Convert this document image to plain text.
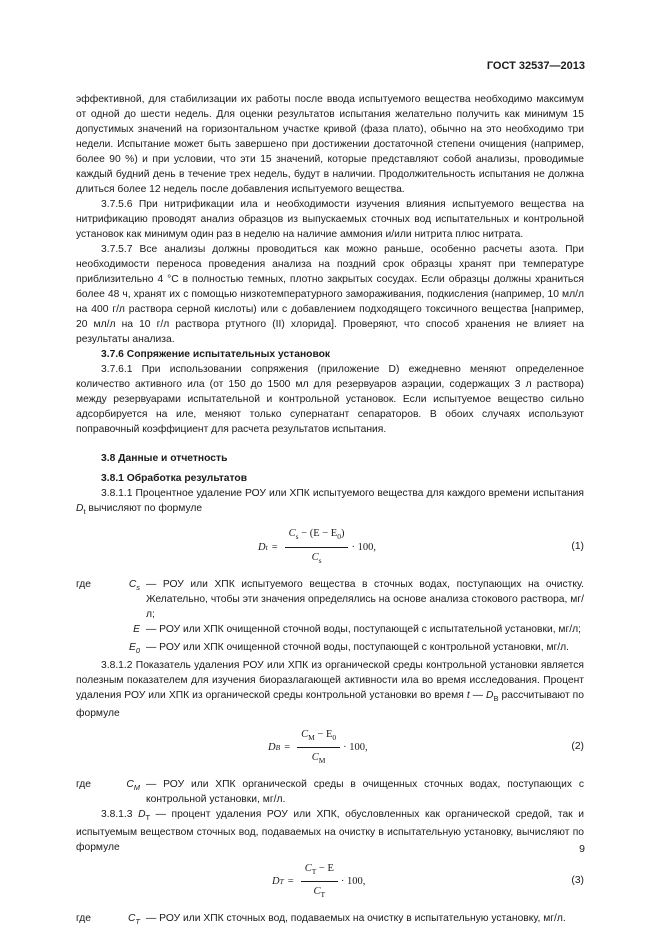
ГОСТ 32537—2013

эффективной, для стабилизации их работы после ввода испытуемого вещества необходимо максимум от одной до шести недель. Для оценки результатов испытания желательно получить как минимум 15 допустимых значений на горизонтальном участке кривой (фаза плато), обычно на это необходимо три недели. Испытание может быть завершено при достижении достаточной степени очищения (например, более 90 %) и при условии, что эти 15 значений, которые представляют собой анализы, проводимые каждый будний день в течение трех недель, будут в наличии. Продолжительность испытания не должна длиться более 12 недель после добавления испытуемого вещества.

3.7.5.6 При нитрификации ила и необходимости изучения влияния испытуемого вещества на нитрификацию проводят анализ образцов из выпускаемых сточных вод испытательных и контрольной установок как минимум один раз в неделю на наличие аммония и/или нитрита плюс нитрата.

3.7.5.7 Все анализы должны проводиться как можно раньше, особенно расчеты азота. При необходимости переноса проведения анализа на поздний срок образцы хранят при температуре приблизительно 4 °С в полностью темных, плотно закрытых сосудах. Если образцы должны храниться более 48 ч, хранят их с помощью низкотемпературного замораживания, подкисления (например, 10 мл/л на 400 г/л раствора серной кислоты) или с добавлением подходящего токсичного вещества [например, 20 мл/л на 10 г/л раствора ртутного (II) хлорида]. Проверяют, что способ хранения не влияет на результаты анализа.

3.7.6 Сопряжение испытательных установок

3.7.6.1 При использовании сопряжения (приложение D) ежедневно меняют определенное количество активного ила (от 150 до 1500 мл для резервуаров аэрации, содержащих 3 л раствора) между резервуарами испытательной и контрольной установок. Если испытуемое вещество сильно адсорбируется на иле, меняют только супернатант сепараторов. В обоих случаях используют поправочный коэффициент для расчета результатов испытания.

3.8 Данные и отчетность

3.8.1 Обработка результатов

3.8.1.1 Процентное удаление РОУ или ХПК испытуемого вещества для каждого времени испытания $D_t$ вычисляют по формуле

D $t = \frac{C_s - (E - E_0)}{C_s} \cdot 100$,	(1)
где	$C_s$ — РОУ или ХПК испытуемого вещества в сточных водах, поступающих на очистку. Желательно, чтобы эти значения определялись на основе анализа стокового раствора, мг/л;
E — РОУ или ХПК очищенной сточной воды, поступающей с испытательной установки, мг/л;
$E_0$ — РОУ или ХПК очищенной сточной воды, поступающей с контрольной установки, мг/л.

3.8.1.2 Показатель удаления РОУ или ХПК из органической среды контрольной установки является полезным показателем для изучения биоразлагающей активности ила во время исследования. Процент удаления РОУ или ХПК из органической среды контрольной установки во время t — $D_B$ рассчитывают по формуле

D $B = \frac{C_M - E_0}{C_M} \cdot 100$,	(2)
где	$C_M$ — РОУ или ХПК органической среды в очищенных сточных водах, поступающих с контрольной установки, мг/л.

3.8.1.3 $D_T$ — процент удаления РОУ или ХПК, обусловленных как органической средой, так и испытуемым веществом сточных вод, подаваемых на очистку в испытательную установку, вычисляют по формуле

D $T = \frac{C_T - E}{C_T} \cdot 100$,	(3)
где	$C_T$ — РОУ или ХПК сточных вод, подаваемых на очистку в испытательную установку, мг/л.
9
